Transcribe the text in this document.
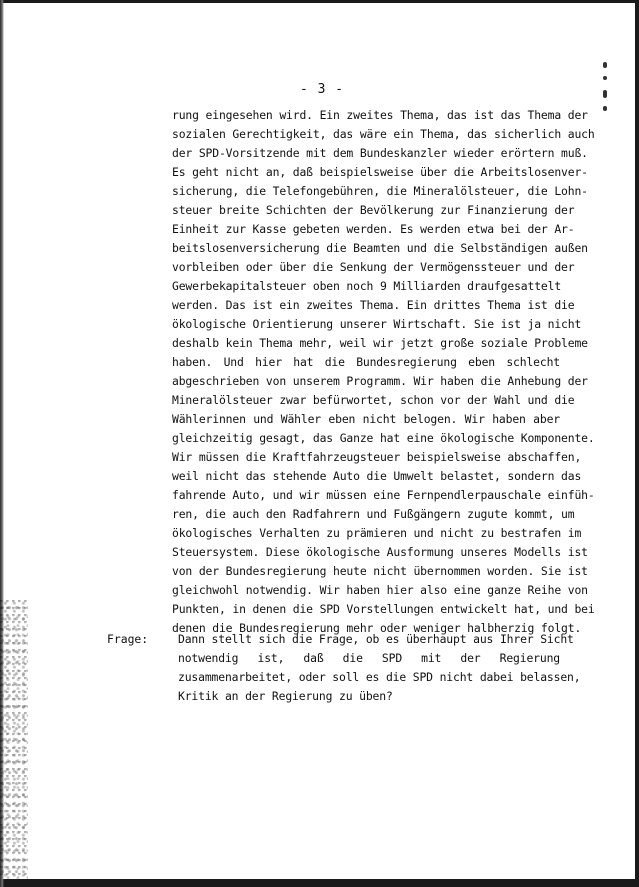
- 3 -
rung eingesehen wird. Ein zweites Thema, das ist das Thema der
sozialen Gerechtigkeit, das wäre ein Thema, das sicherlich auch
der SPD-Vorsitzende mit dem Bundeskanzler wieder erörtern muß.
Es geht nicht an, daß beispielsweise über die Arbeitslosenver-
sicherung, die Telefongebühren, die Mineralölsteuer, die Lohn-
steuer breite Schichten der Bevölkerung zur Finanzierung der
Einheit zur Kasse gebeten werden. Es werden etwa bei der Ar-
beitslosenversicherung die Beamten und die Selbständigen außen
vorbleiben oder über die Senkung der Vermögenssteuer und der
Gewerbekapitalsteuer oben noch 9 Milliarden draufgesattelt
werden. Das ist ein zweites Thema. Ein drittes Thema ist die
ökologische Orientierung unserer Wirtschaft. Sie ist ja nicht
deshalb kein Thema mehr, weil wir jetzt große soziale Probleme
haben. Und hier hat die Bundesregierung eben schlecht
abgeschrieben von unserem Programm. Wir haben die Anhebung der
Mineralölsteuer zwar befürwortet, schon vor der Wahl und die
Wählerinnen und Wähler eben nicht belogen. Wir haben aber
gleichzeitig gesagt, das Ganze hat eine ökologische Komponente.
Wir müssen die Kraftfahrzeugsteuer beispielsweise abschaffen,
weil nicht das stehende Auto die Umwelt belastet, sondern das
fahrende Auto, und wir müssen eine Fernpendlerpauschale einfüh-
ren, die auch den Radfahrern und Fußgängern zugute kommt, um
ökologisches Verhalten zu prämieren und nicht zu bestrafen im
Steuersystem. Diese ökologische Ausformung unseres Modells ist
von der Bundesregierung heute nicht übernommen worden. Sie ist
gleichwohl notwendig. Wir haben hier also eine ganze Reihe von
Punkten, in denen die SPD Vorstellungen entwickelt hat, und bei
denen die Bundesregierung mehr oder weniger halbherzig folgt.
Frage:	Dann stellt sich die Frage, ob es überhaupt aus Ihrer Sicht
notwendig ist, daß die SPD mit der Regierung
zusammenarbeitet, oder soll es die SPD nicht dabei belassen,
Kritik an der Regierung zu üben?
